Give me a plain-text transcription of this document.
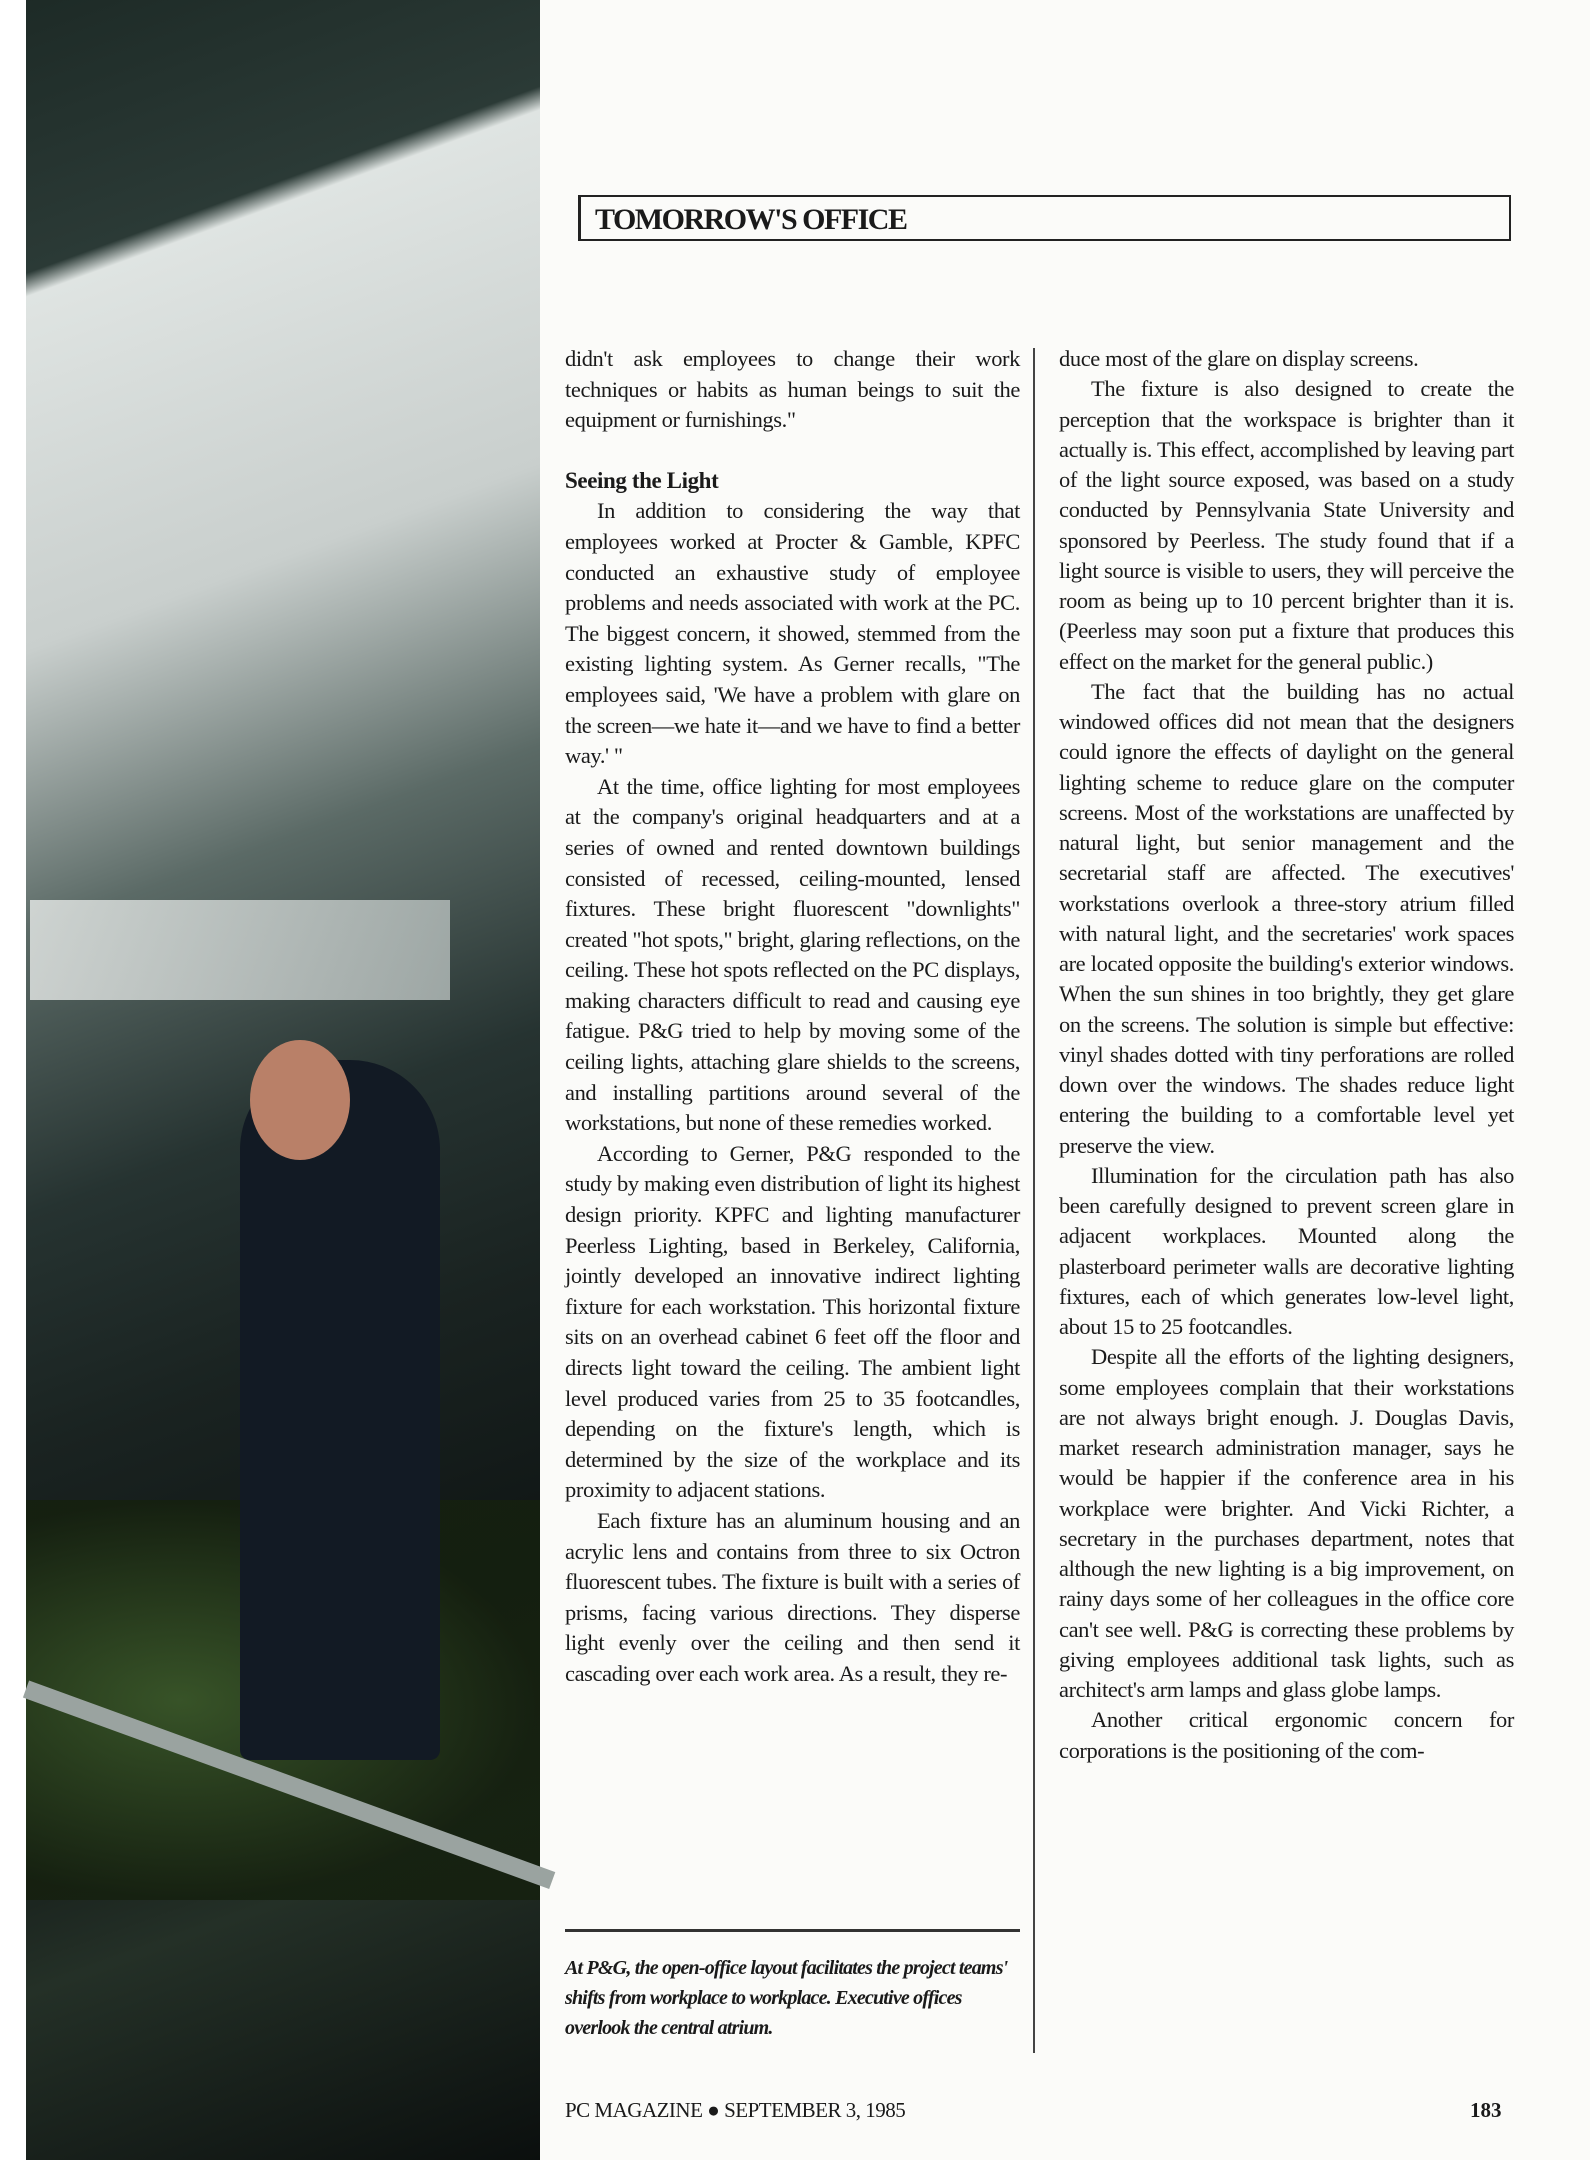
TOMORROW'S OFFICE

didn't ask employees to change their work techniques or habits as human beings to suit the equipment or furnishings."

Seeing the Light

In addition to considering the way that employees worked at Procter & Gamble, KPFC conducted an exhaustive study of employee problems and needs associated with work at the PC. The biggest concern, it showed, stemmed from the existing lighting system. As Gerner recalls, "The employees said, 'We have a problem with glare on the screen—we hate it—and we have to find a better way.' "

At the time, office lighting for most employees at the company's original headquarters and at a series of owned and rented downtown buildings consisted of recessed, ceiling-mounted, lensed fixtures. These bright fluorescent "downlights" created "hot spots," bright, glaring reflections, on the ceiling. These hot spots reflected on the PC displays, making characters difficult to read and causing eye fatigue. P&G tried to help by moving some of the ceiling lights, attaching glare shields to the screens, and installing partitions around several of the workstations, but none of these remedies worked.

According to Gerner, P&G responded to the study by making even distribution of light its highest design priority. KPFC and lighting manufacturer Peerless Lighting, based in Berkeley, California, jointly developed an innovative indirect lighting fixture for each workstation. This horizontal fixture sits on an overhead cabinet 6 feet off the floor and directs light toward the ceiling. The ambient light level produced varies from 25 to 35 footcandles, depending on the fixture's length, which is determined by the size of the workplace and its proximity to adjacent stations.

Each fixture has an aluminum housing and an acrylic lens and contains from three to six Octron fluorescent tubes. The fixture is built with a series of prisms, facing various directions. They disperse light evenly over the ceiling and then send it cascading over each work area. As a result, they re-

At P&G, the open-office layout facilitates the project teams' shifts from workplace to workplace. Executive offices overlook the central atrium.

duce most of the glare on display screens.

The fixture is also designed to create the perception that the workspace is brighter than it actually is. This effect, accomplished by leaving part of the light source exposed, was based on a study conducted by Pennsylvania State University and sponsored by Peerless. The study found that if a light source is visible to users, they will perceive the room as being up to 10 percent brighter than it is. (Peerless may soon put a fixture that produces this effect on the market for the general public.)

The fact that the building has no actual windowed offices did not mean that the designers could ignore the effects of daylight on the general lighting scheme to reduce glare on the computer screens. Most of the workstations are unaffected by natural light, but senior management and the secretarial staff are affected. The executives' workstations overlook a three-story atrium filled with natural light, and the secretaries' work spaces are located opposite the building's exterior windows. When the sun shines in too brightly, they get glare on the screens. The solution is simple but effective: vinyl shades dotted with tiny perforations are rolled down over the windows. The shades reduce light entering the building to a comfortable level yet preserve the view.

Illumination for the circulation path has also been carefully designed to prevent screen glare in adjacent workplaces. Mounted along the plasterboard perimeter walls are decorative lighting fixtures, each of which generates low-level light, about 15 to 25 footcandles.

Despite all the efforts of the lighting designers, some employees complain that their workstations are not always bright enough. J. Douglas Davis, market research administration manager, says he would be happier if the conference area in his workplace were brighter. And Vicki Richter, a secretary in the purchases department, notes that although the new lighting is a big improvement, on rainy days some of her colleagues in the office core can't see well. P&G is correcting these problems by giving employees additional task lights, such as architect's arm lamps and glass globe lamps.

Another critical ergonomic concern for corporations is the positioning of the com-

PC MAGAZINE ● SEPTEMBER 3, 1985	183
